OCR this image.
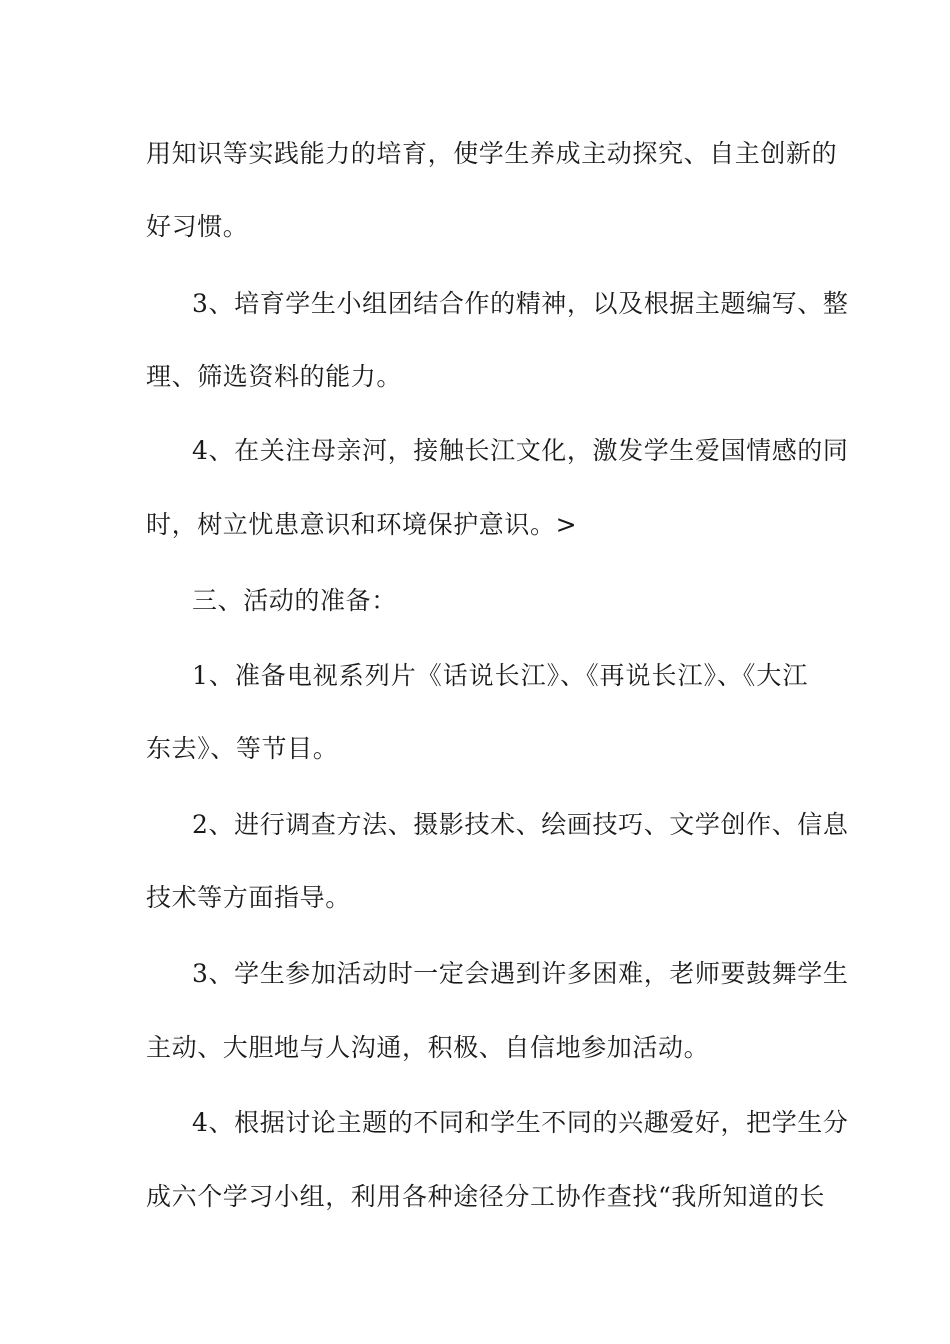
用知识等实践能力的培育，使学生养成主动探究、自主创新的
好习惯。
3、培育学生小组团结合作的精神，以及根据主题编写、整
理、筛选资料的能力。
4、在关注母亲河，接触长江文化，激发学生爱国情感的同
时，树立忧患意识和环境保护意识。>
三、活动的准备：
1、准备电视系列片《话说长江》、《再说长江》、《大江
东去》、等节目。
2、进行调查方法、摄影技术、绘画技巧、文学创作、信息
技术等方面指导。
3、学生参加活动时一定会遇到许多困难，老师要鼓舞学生
主动、大胆地与人沟通，积极、自信地参加活动。
4、根据讨论主题的不同和学生不同的兴趣爱好，把学生分
成六个学习小组，利用各种途径分工协作查找“我所知道的长
